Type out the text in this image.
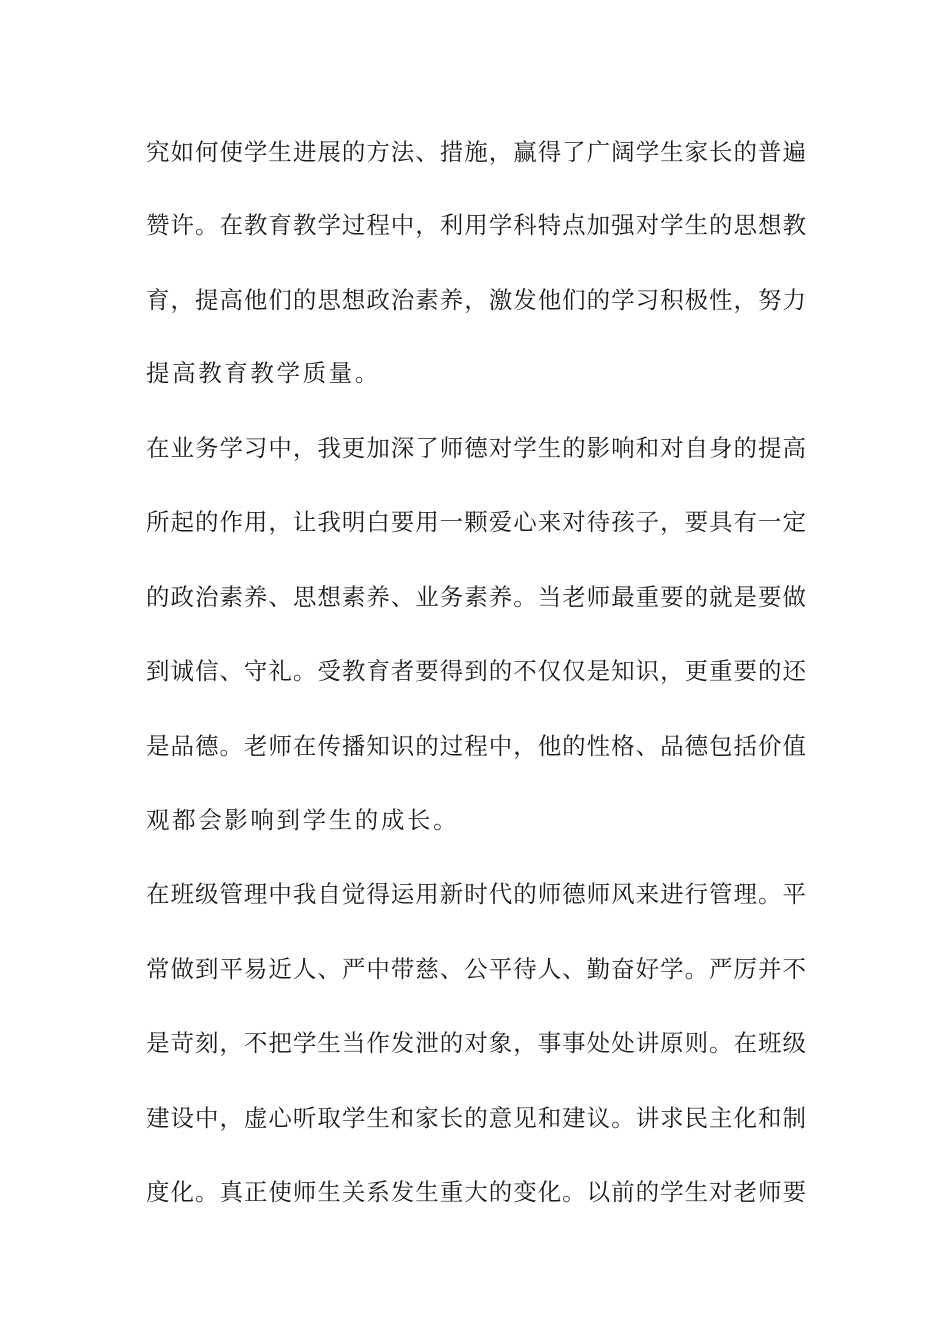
究如何使学生进展的方法、措施，赢得了广阔学生家长的普遍
赞许。在教育教学过程中，利用学科特点加强对学生的思想教
育，提高他们的思想政治素养，激发他们的学习积极性，努力
提高教育教学质量。
在业务学习中，我更加深了师德对学生的影响和对自身的提高
所起的作用，让我明白要用一颗爱心来对待孩子，要具有一定
的政治素养、思想素养、业务素养。当老师最重要的就是要做
到诚信、守礼。受教育者要得到的不仅仅是知识，更重要的还
是品德。老师在传播知识的过程中，他的性格、品德包括价值
观都会影响到学生的成长。
在班级管理中我自觉得运用新时代的师德师风来进行管理。平
常做到平易近人、严中带慈、公平待人、勤奋好学。严厉并不
是苛刻，不把学生当作发泄的对象，事事处处讲原则。在班级
建设中，虚心听取学生和家长的意见和建议。讲求民主化和制
度化。真正使师生关系发生重大的变化。以前的学生对老师要
